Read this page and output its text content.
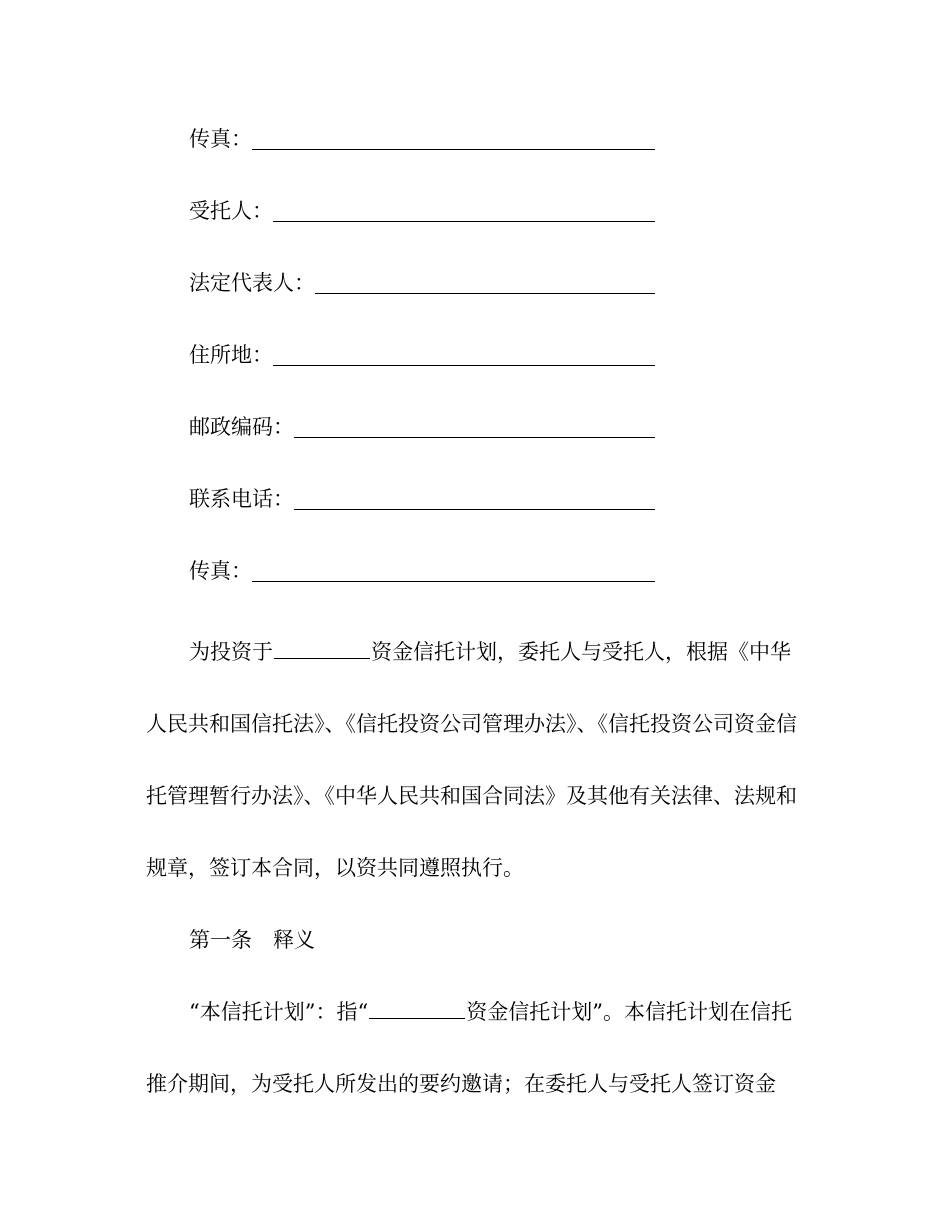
传真：
受托人：
法定代表人：
住所地：
邮政编码：
联系电话：
传真：

为投资于	资金信托计划，委托人与受托人，根据《中华人民共和国信托法》、《信托投资公司管理办法》、《信托投资公司资金信托管理暂行办法》、《中华人民共和国合同法》及其他有关法律、法规和规章，签订本合同，以资共同遵照执行。

第一条　释义

“本信托计划”：指“	资金信托计划”。本信托计划在信托推介期间，为受托人所发出的要约邀请；在委托人与受托人签订资金
